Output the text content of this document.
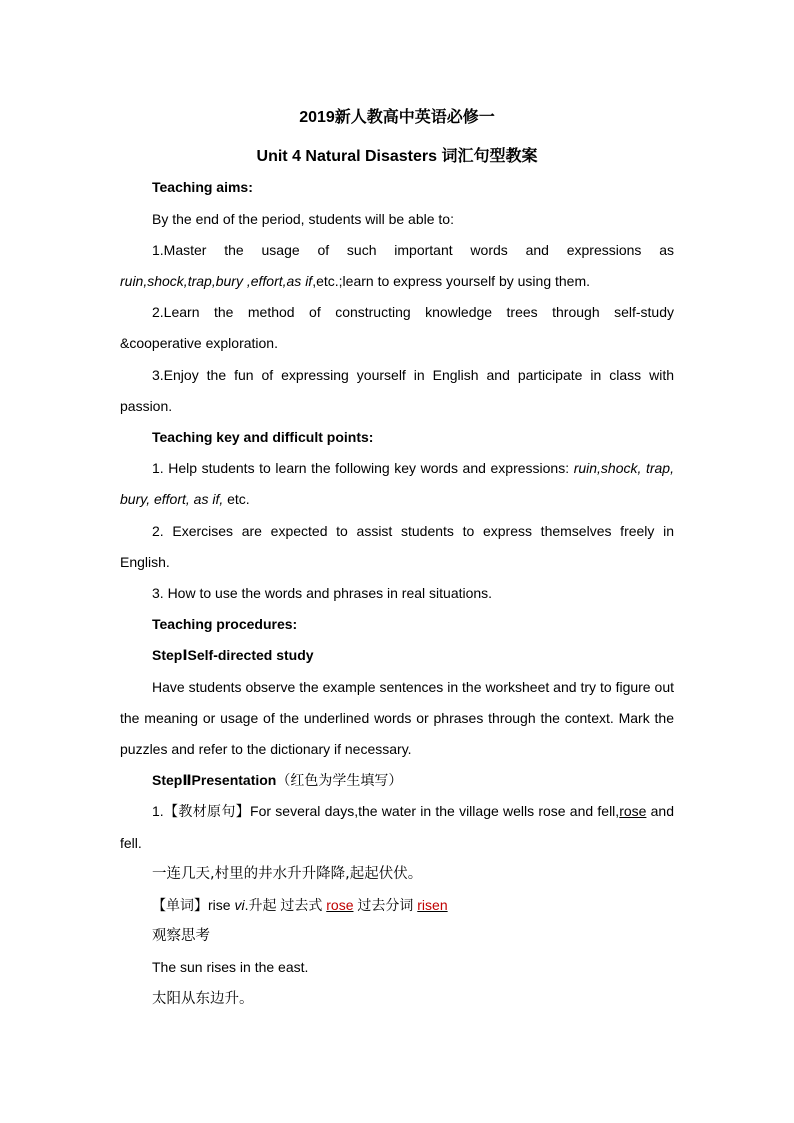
2019新人教高中英语必修一

Unit 4 Natural Disasters 词汇句型教案

Teaching aims:

By the end of the period, students will be able to:

1.Master the usage of such important words and expressions as ruin,shock,trap,bury ,effort,as if,etc.;learn to express yourself by using them.

2.Learn the method of constructing knowledge trees through self-study &cooperative exploration.

3.Enjoy the fun of expressing yourself in English and participate in class with passion.

Teaching key and difficult points:

1. Help students to learn the following key words and expressions: ruin,shock, trap, bury, effort, as if, etc.

2. Exercises are expected to assist students to express themselves freely in English.

3. How to use the words and phrases in real situations.

Teaching procedures:

StepⅠSelf-directed study

Have students observe the example sentences in the worksheet and try to figure out the meaning or usage of the underlined words or phrases through the context. Mark the puzzles and refer to the dictionary if necessary.

StepⅡPresentation（红色为学生填写）

1.【教材原句】For several days,the water in the village wells rose and fell,rose and fell.

一连几天,村里的井水升升降降,起起伏伏。

【单词】rise vi.升起 过去式 rose 过去分词 risen

观察思考

The sun rises in the east.

太阳从东边升。
